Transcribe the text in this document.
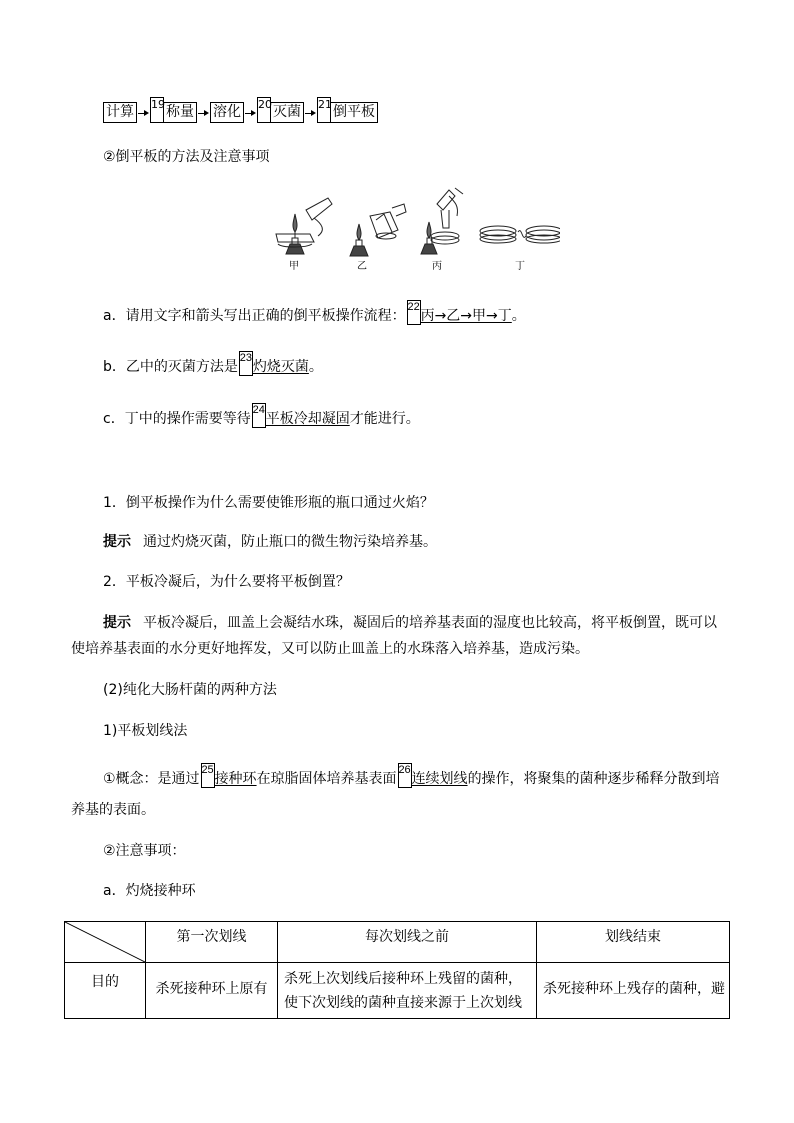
计算 19 称量 溶化 20 灭菌 21 倒平板
②倒平板的方法及注意事项
甲	乙	丙	丁
a．请用文字和箭头写出正确的倒平板操作流程：
22
丙→乙→甲→丁 。
b．乙中的灭菌方法是
23
灼烧灭菌 。
c．丁中的操作需要等待
24
平板冷却凝固 才能进行。
1．倒平板操作为什么需要使锥形瓶的瓶口通过火焰？
提示 通过灼烧灭菌，防止瓶口的微生物污染培养基。
2．平板冷凝后，为什么要将平板倒置？
提示 平板冷凝后，皿盖上会凝结水珠，凝固后的培养基表面的湿度也比较高，将平板倒置，既可以
使培养基表面的水分更好地挥发，又可以防止皿盖上的水珠落入培养基，造成污染。
(2)纯化大肠杆菌的两种方法
1)平板划线法
①概念：是通过
25
接种环 在琼脂固体培养基表面
26
连续划线 的操作，将聚集的菌种逐步稀释分散到培
养基的表面。
②注意事项：
a．灼烧接种环
	第一次划线	每次划线之前	划线结束
目的	杀死接种环上原有	杀死上次划线后接种环上残留的菌种，
使下次划线的菌种直接来源于上次划线	杀死接种环上残存的菌种，避
